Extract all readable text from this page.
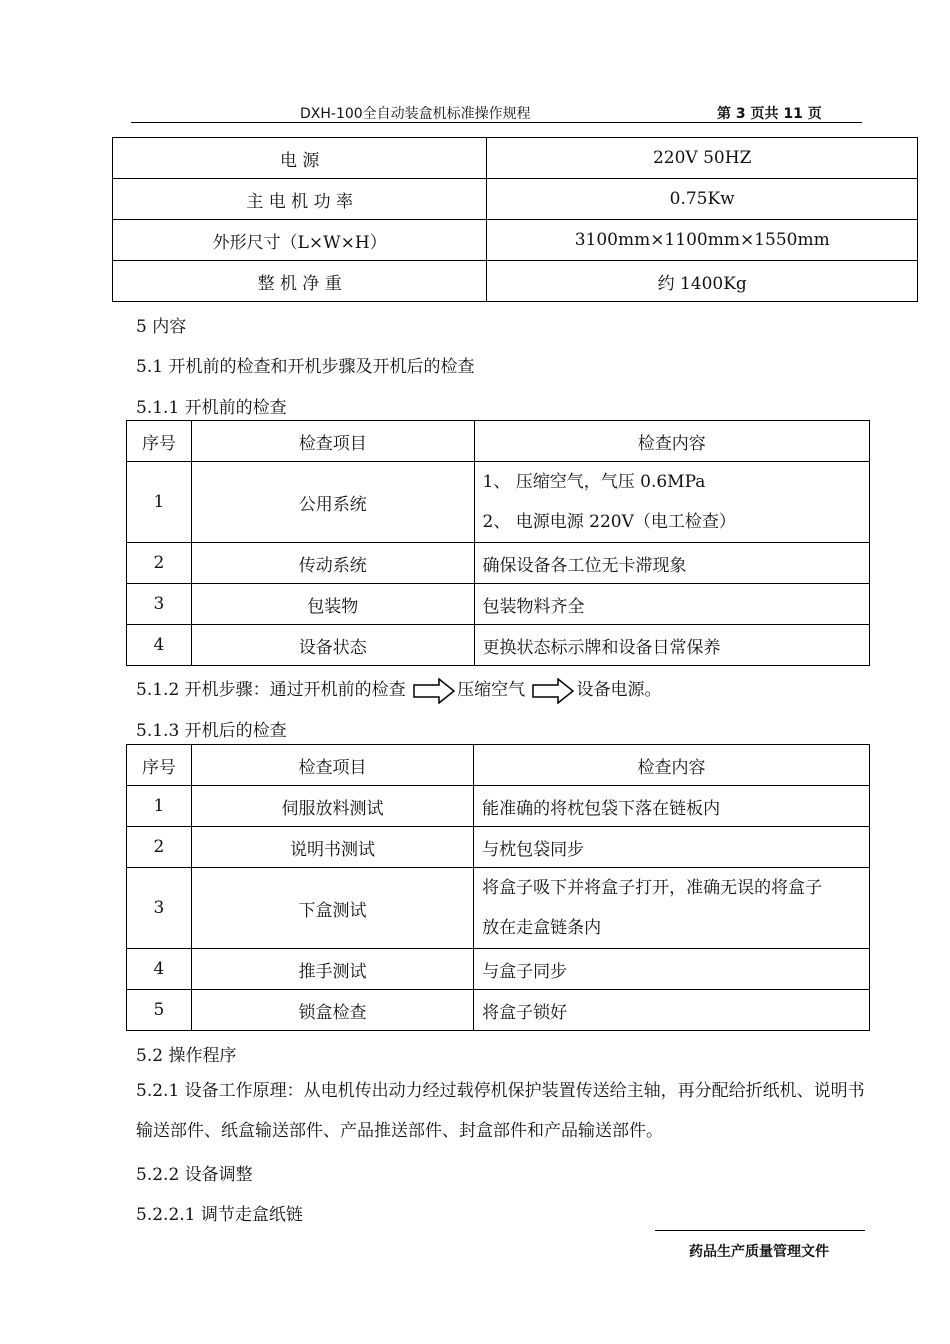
DXH-100全自动装盒机标准操作规程	第 3 页共 11 页
电 源	220V 50HZ
主 电 机 功 率	0.75Kw
外形尺寸（L×W×H）	3100mm×1100mm×1550mm
整 机 净 重	约 1400Kg
5 内容
5.1 开机前的检查和开机步骤及开机后的检查
5.1.1 开机前的检查
序号	检查项目	检查内容
1	公用系统	1、 压缩空气，气压 0.6MPa
2、 电源电源 220V（电工检查）

2	传动系统	确保设备各工位无卡滞现象
3	包装物	包装物料齐全
4	设备状态	更换状态标示牌和设备日常保养
5.1.2 开机步骤：通过开机前的检查	压缩空气	设备电源。
5.1.3 开机后的检查
序号	检查项目	检查内容
1	伺服放料测试	能准确的将枕包袋下落在链板内
2	说明书测试	与枕包袋同步
3	下盒测试	将盒子吸下并将盒子打开，准确无误的将盒子
放在走盒链条内

4	推手测试	与盒子同步
5	锁盒检查	将盒子锁好
5.2 操作程序
5.2.1 设备工作原理：从电机传出动力经过载停机保护装置传送给主轴，再分配给折纸机、说明书输送部件、纸盒输送部件、产品推送部件、封盒部件和产品输送部件。
5.2.2 设备调整
5.2.2.1 调节走盒纸链
药品生产质量管理文件
